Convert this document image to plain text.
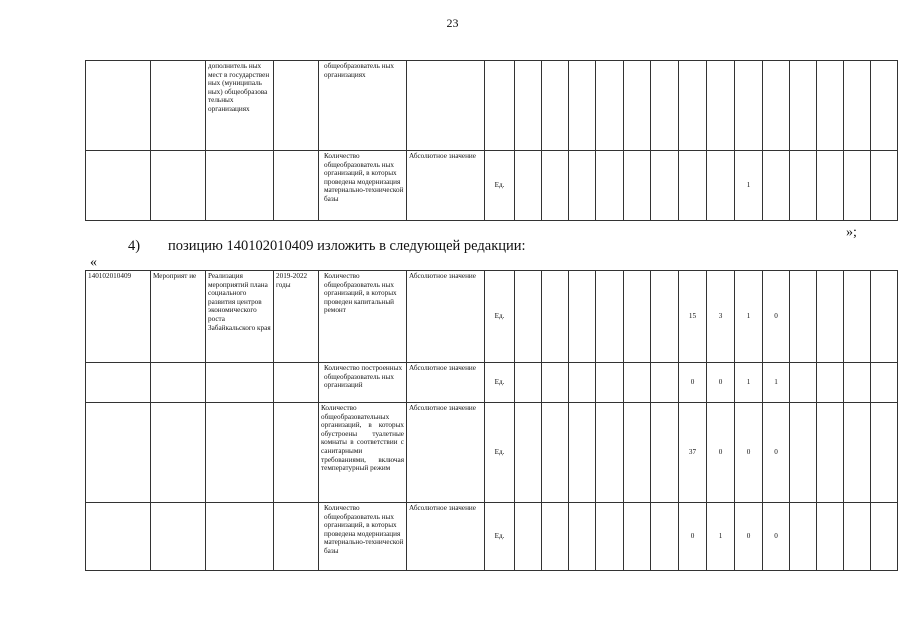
23
		дополнитель ных мест в государствен ных (муниципаль ных) общеобразова тельных организациях		общеобразователь ных организациях																
				Количество общеобразователь ных организаций, в которых проведена модернизация материально-технической базы	Абсолютное значение	Ед.									1					
»;
4) позицию 140102010409 изложить в следующей редакции:
«
140102010409	Мероприят ие	Реализация мероприятий плана социального развития центров экономического роста Забайкальского края	2019-2022 годы	Количество общеобразователь ных организаций, в которых проведен капитальный ремонт	Абсолютное значение	Ед.							15	3	1	0				
				Количество построенных общеобразователь ных организаций	Абсолютное значение	Ед.							0	0	1	1				
				Количество общеобразовательных организаций, в которых обустроены туалетные комнаты в соответствии с санитарными требованиями, включая температурный режим	Абсолютное значение	Ед.							37	0	0	0				
				Количество общеобразователь ных организаций, в которых проведена модернизация материально-технической базы	Абсолютное значение	Ед.							0	1	0	0				
